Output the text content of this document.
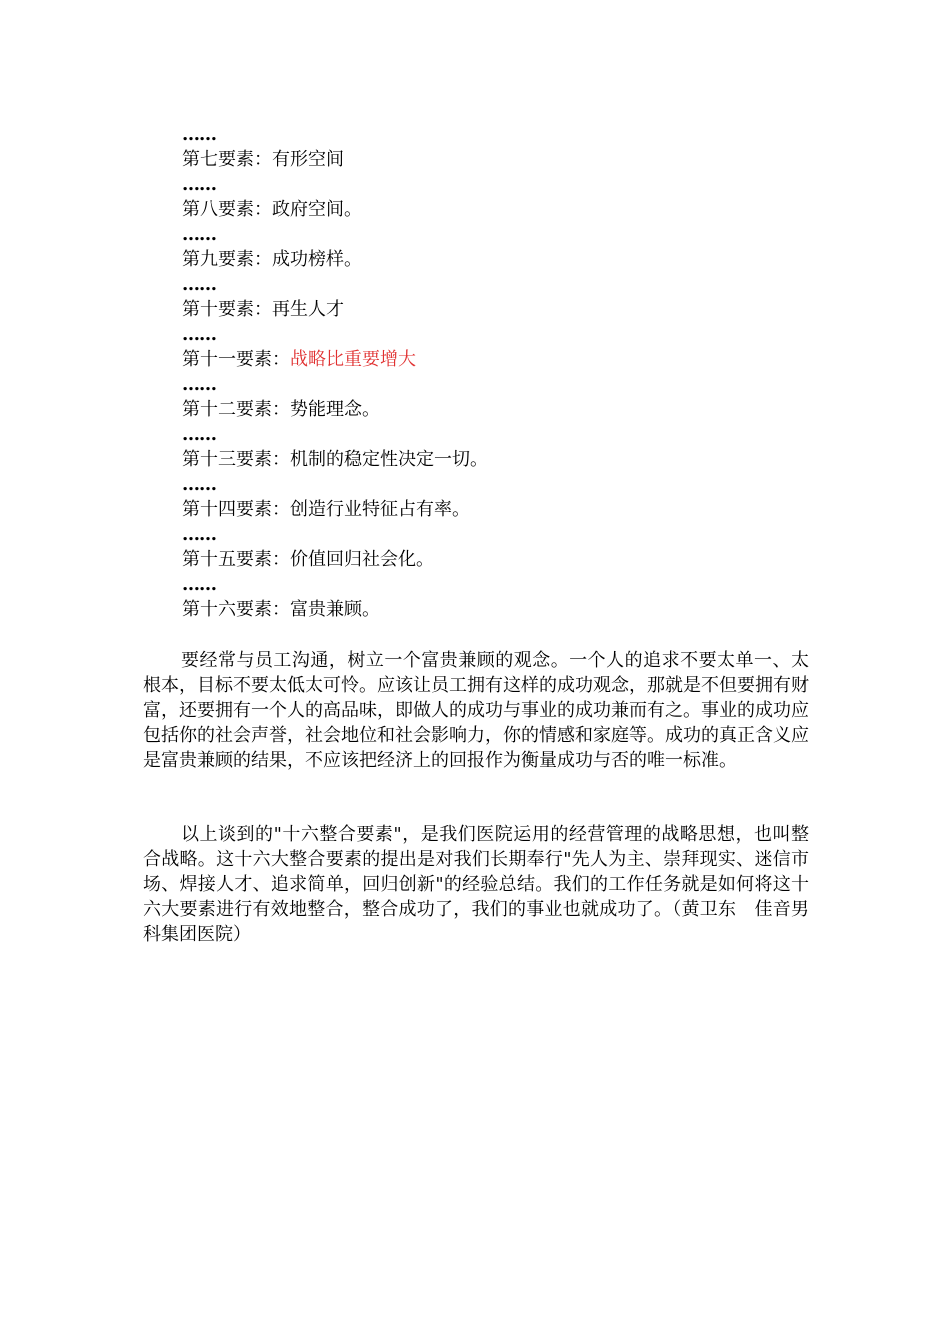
……
第七要素：有形空间
……
第八要素：政府空间。
……
第九要素：成功榜样。
……
第十要素：再生人才
……
第十一要素：战略比重要增大
……
第十二要素：势能理念。
……
第十三要素：机制的稳定性决定一切。
……
第十四要素：创造行业特征占有率。
……
第十五要素：价值回归社会化。
……
第十六要素：富贵兼顾。

要经常与员工沟通，树立一个富贵兼顾的观念。一个人的追求不要太单一、太根本，目标不要太低太可怜。应该让员工拥有这样的成功观念，那就是不但要拥有财富，还要拥有一个人的高品味，即做人的成功与事业的成功兼而有之。事业的成功应包括你的社会声誉，社会地位和社会影响力，你的情感和家庭等。成功的真正含义应是富贵兼顾的结果，不应该把经济上的回报作为衡量成功与否的唯一标准。

以上谈到的"十六整合要素"，是我们医院运用的经营管理的战略思想，也叫整合战略。这十六大整合要素的提出是对我们长期奉行"先人为主、崇拜现实、迷信市场、焊接人才、追求简单，回归创新"的经验总结。我们的工作任务就是如何将这十六大要素进行有效地整合，整合成功了，我们的事业也就成功了。（黄卫东　佳音男科集团医院）
